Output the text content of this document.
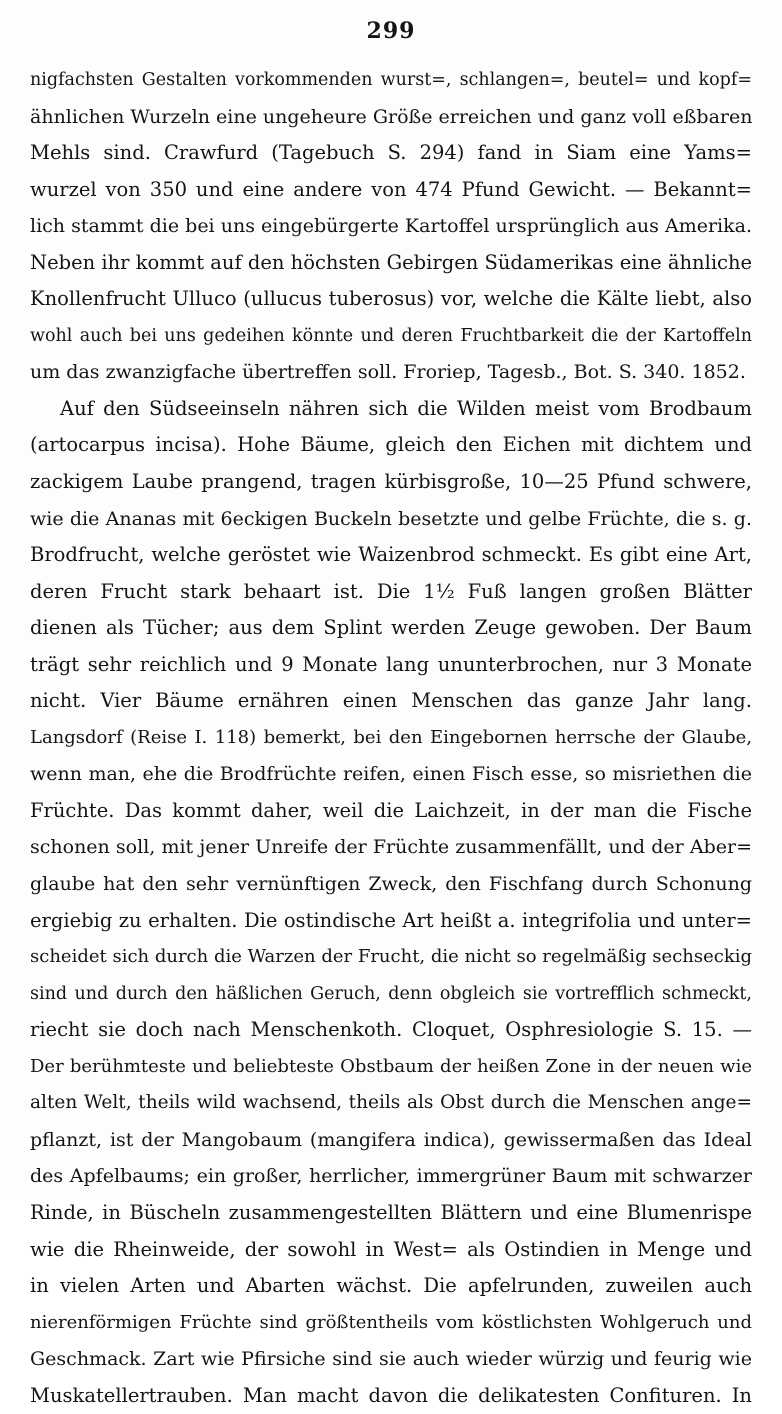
299
nigfachsten Gestalten vorkommenden wurst=, schlangen=, beutel= und kopf=
ähnlichen Wurzeln eine ungeheure Größe erreichen und ganz voll eßbaren
Mehls sind. Crawfurd (Tagebuch S. 294) fand in Siam eine Yams=
wurzel von 350 und eine andere von 474 Pfund Gewicht. — Bekannt=
lich stammt die bei uns eingebürgerte Kartoffel ursprünglich aus Amerika.
Neben ihr kommt auf den höchsten Gebirgen Südamerikas eine ähnliche
Knollenfrucht Ulluco (ullucus tuberosus) vor, welche die Kälte liebt, also
wohl auch bei uns gedeihen könnte und deren Fruchtbarkeit die der Kartoffeln
um das zwanzigfache übertreffen soll. Froriep, Tagesb., Bot. S. 340. 1852.
Auf den Südseeinseln nähren sich die Wilden meist vom Brodbaum
(artocarpus incisa). Hohe Bäume, gleich den Eichen mit dichtem und
zackigem Laube prangend, tragen kürbisgroße, 10—25 Pfund schwere,
wie die Ananas mit 6eckigen Buckeln besetzte und gelbe Früchte, die s. g.
Brodfrucht, welche geröstet wie Waizenbrod schmeckt. Es gibt eine Art,
deren Frucht stark behaart ist. Die 1½ Fuß langen großen Blätter
dienen als Tücher; aus dem Splint werden Zeuge gewoben. Der Baum
trägt sehr reichlich und 9 Monate lang ununterbrochen, nur 3 Monate
nicht. Vier Bäume ernähren einen Menschen das ganze Jahr lang.
Langsdorf (Reise I. 118) bemerkt, bei den Eingebornen herrsche der Glaube,
wenn man, ehe die Brodfrüchte reifen, einen Fisch esse, so misriethen die
Früchte. Das kommt daher, weil die Laichzeit, in der man die Fische
schonen soll, mit jener Unreife der Früchte zusammenfällt, und der Aber=
glaube hat den sehr vernünftigen Zweck, den Fischfang durch Schonung
ergiebig zu erhalten. Die ostindische Art heißt a. integrifolia und unter=
scheidet sich durch die Warzen der Frucht, die nicht so regelmäßig sechseckig
sind und durch den häßlichen Geruch, denn obgleich sie vortrefflich schmeckt,
riecht sie doch nach Menschenkoth. Cloquet, Osphresiologie S. 15. —
Der berühmteste und beliebteste Obstbaum der heißen Zone in der neuen wie
alten Welt, theils wild wachsend, theils als Obst durch die Menschen ange=
pflanzt, ist der Mangobaum (mangifera indica), gewissermaßen das Ideal
des Apfelbaums; ein großer, herrlicher, immergrüner Baum mit schwarzer
Rinde, in Büscheln zusammengestellten Blättern und eine Blumenrispe
wie die Rheinweide, der sowohl in West= als Ostindien in Menge und
in vielen Arten und Abarten wächst. Die apfelrunden, zuweilen auch
nierenförmigen Früchte sind größtentheils vom köstlichsten Wohlgeruch und
Geschmack. Zart wie Pfirsiche sind sie auch wieder würzig und feurig wie
Muskatellertrauben. Man macht davon die delikatesten Confituren. In
